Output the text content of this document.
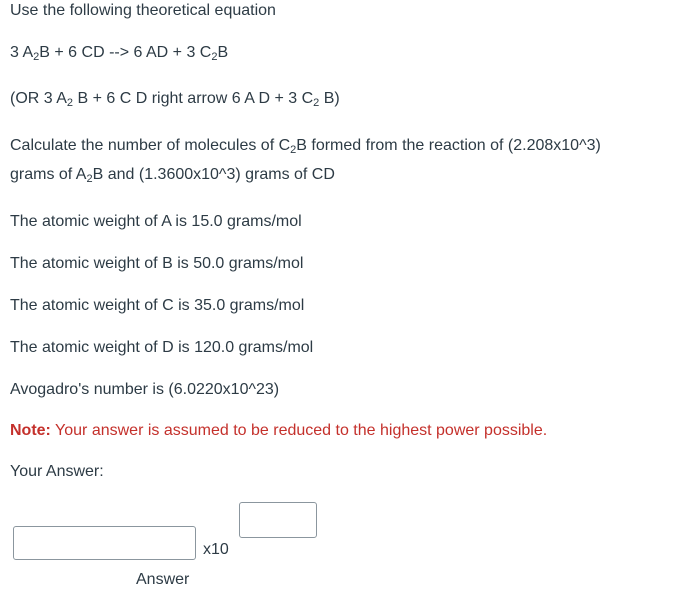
Use the following theoretical equation
3 $A_2B + 6$ CD --> 6 AD + 3 $C_2B$
(OR 3 $A_2$ B + 6 C D right arrow 6 A D + 3 $C_2$ B)
Calculate the number of molecules of $C_2B$ formed from the reaction of (2.208x10^3)
grams of $A_2B$ and (1.3600x10^3) grams of CD
The atomic weight of A is 15.0 grams/mol
The atomic weight of B is 50.0 grams/mol
The atomic weight of C is 35.0 grams/mol
The atomic weight of D is 120.0 grams/mol
Avogadro's number is (6.0220x10^23)
Note: Your answer is assumed to be reduced to the highest power possible.
Your Answer:
x10
Answer
